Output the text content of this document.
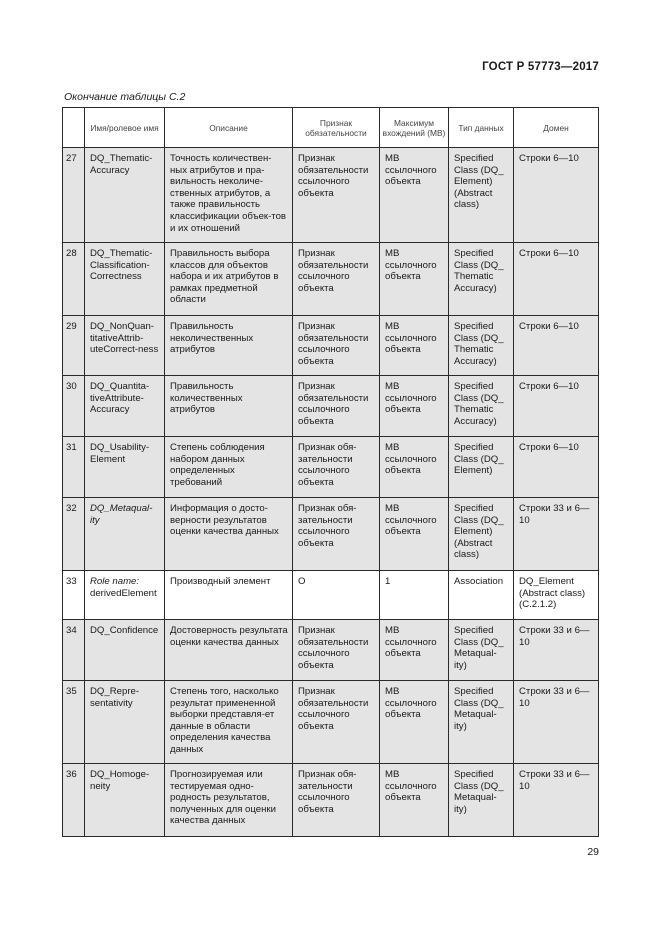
ГОСТ Р 57773—2017
Окончание таблицы C.2
	Имя/ролевое имя	Описание	Признак обязательности	Максимум вхождений (МВ)	Тип данных	Домен
27	DQ_Thematic-Accuracy	Точность количествен-ных атрибутов и пра-вильность неколиче-ственных атрибутов, а также правильность классификации объек-тов и их отношений	Признак обязательности ссылочного объекта	МВ ссылочного объекта	Specified Class (DQ_ Element) (Abstract class)	Строки 6—10
28	DQ_Thematic-Classification-Correctness	Правильность выбора классов для объектов набора и их атрибутов в рамках предметной области	Признак обязательности ссылочного объекта	МВ ссылочного объекта	Specified Class (DQ_ Thematic Accuracy)	Строки 6—10
29	DQ_NonQuan-titativeAttrib-uteCorrect-ness	Правильность неколичественных атрибутов	Признак обязательности ссылочного объекта	МВ ссылочного объекта	Specified Class (DQ_ Thematic Accuracy)	Строки 6—10
30	DQ_Quantita-tiveAttribute-Accuracy	Правильность количественных атрибутов	Признак обязательности ссылочного объекта	МВ ссылочного объекта	Specified Class (DQ_ Thematic Accuracy)	Строки 6—10
31	DQ_Usability-Element	Степень соблюдения набором данных определенных требований	Признак обя-зательности ссылочного объекта	МВ ссылочного объекта	Specified Class (DQ_ Element)	Строки 6—10
32	DQ_Metaqual-ity	Информация о досто-верности результатов оценки качества данных	Признак обя-зательности ссылочного объекта	МВ ссылочного объекта	Specified Class (DQ_ Element) (Abstract class)	Строки 33 и 6—10
33	Role name:
derivedElement	Производный элемент	O	1	Association	DQ_Element (Abstract class) (C.2.1.2)
34	DQ_Confidence	Достоверность результата оценки качества данных	Признак обязательности ссылочного объекта	МВ ссылочного объекта	Specified Class (DQ_ Metaqual-ity)	Строки 33 и 6—10
35	DQ_Repre-sentativity	Степень того, насколько результат примененной выборки представля-ет данные в области определения качества данных	Признак обязательности ссылочного объекта	МВ ссылочного объекта	Specified Class (DQ_ Metaqual-ity)	Строки 33 и 6—10
36	DQ_Homoge-neity	Прогнозируемая или тестируемая одно-родность результатов, полученных для оценки качества данных	Признак обя-зательности ссылочного объекта	МВ ссылочного объекта	Specified Class (DQ_ Metaqual-ity)	Строки 33 и 6—10
29
